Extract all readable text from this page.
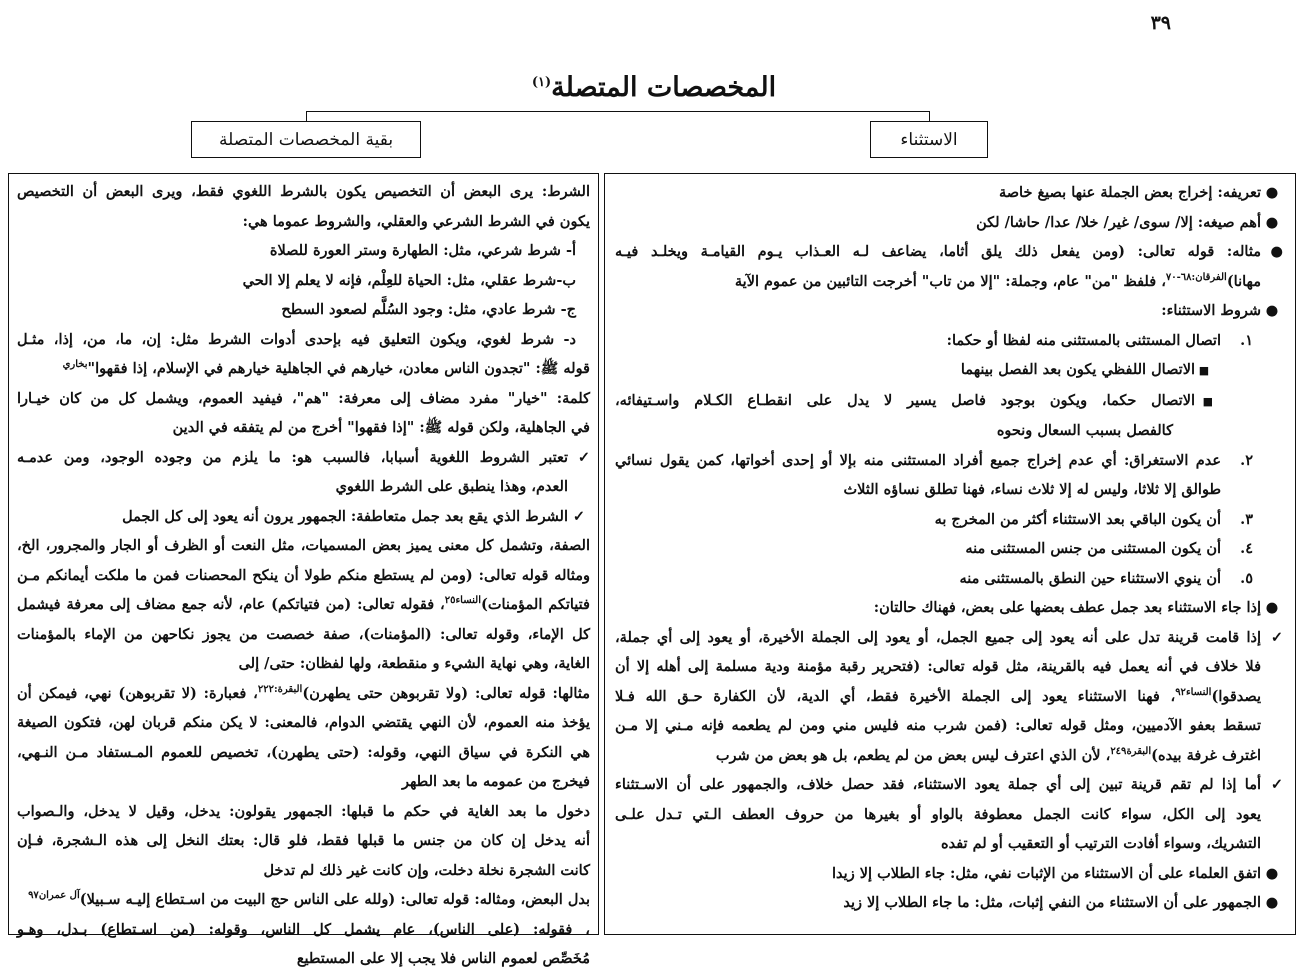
٣٩
المخصصات المتصلة$^{(١)}$
الاستثناء
بقية المخصصات المتصلة
●تعريفه: إخراج بعض الجملة عنها بصيغ خاصة
●أهم صيغه: إلا/ سوى/ غير/ خلا/ عدا/ حاشا/ لكن
●مثاله: قوله تعالى: (ومن يفعل ذلك يلق أثاما، يضاعف لـه العـذاب يـوم القيامـة ويخلـد فيـه
مهانا)$^{الفرقان:٦٨-٧٠}$، فلفظ "من" عام، وجملة: "إلا من تاب" أخرجت التائبين من عموم الآية
●شروط الاستثناء:
١.اتصال المستثنى بالمستثنى منه لفظا أو حكما:
■الاتصال اللفظي يكون بعد الفصل بينهما
■الاتصال حكما، ويكون بوجود فاصل يسير لا يدل على انقطـاع الكـلام واسـتيفائه،
كالفصل بسبب السعال ونحوه
٢.عدم الاستغراق: أي عدم إخراج جميع أفراد المستثنى منه بإلا أو إحدى أخواتها، كمن يقول نسائي
طوالق إلا ثلاثا، وليس له إلا ثلاث نساء، فهنا تطلق نساؤه الثلاث
٣.أن يكون الباقي بعد الاستثناء أكثر من المخرج به
٤.أن يكون المستثنى من جنس المستثنى منه
٥.أن ينوي الاستثناء حين النطق بالمستثنى منه
●إذا جاء الاستثناء بعد جمل عطف بعضها على بعض، فهناك حالتان:
✓إذا قامت قرينة تدل على أنه يعود إلى جميع الجمل، أو يعود إلى الجملة الأخيرة، أو يعود إلى أي جملة،
فلا خلاف في أنه يعمل فيه بالقرينة، مثل قوله تعالى: (فتحرير رقبة مؤمنة ودية مسلمة إلى أهله إلا أن
يصدقوا)$^{النساء٩٢}$، فهنا الاستثناء يعود إلى الجملة الأخيرة فقط، أي الدية، لأن الكفارة حـق الله فـلا
تسقط بعفو الآدميين، ومثل قوله تعالى: (فمن شرب منه فليس مني ومن لم يطعمه فإنه مـني إلا مـن
اغترف غرفة بيده)$^{البقرة٢٤٩}$، لأن الذي اعترف ليس بعض من لم يطعم، بل هو بعض من شرب
✓أما إذا لم تقم قرينة تبين إلى أي جملة يعود الاستثناء، فقد حصل خلاف، والجمهور على أن الاسـتثناء
يعود إلى الكل، سواء كانت الجمل معطوفة بالواو أو بغيرها من حروف العطف الـتي تـدل علـى
التشريك، وسواء أفادت الترتيب أو التعقيب أو لم تفده
●اتفق العلماء على أن الاستثناء من الإثبات نفي، مثل: جاء الطلاب إلا زيدا
●الجمهور على أن الاستثناء من النفي إثبات، مثل: ما جاء الطلاب إلا زيد
الشرط: يرى البعض أن التخصيص يكون بالشرط اللغوي فقط، ويرى البعض أن التخصيص
يكون في الشرط الشرعي والعقلي، والشروط عموما هي:
أ- شرط شرعي، مثل: الطهارة وستر العورة للصلاة
ب-شرط عقلي، مثل: الحياة للعِلْم، فإنه لا يعلم إلا الحي
ج- شرط عادي، مثل: وجود السُلَّم لصعود السطح
د- شرط لغوي، ويكون التعليق فيه بإحدى أدوات الشرط مثل: إن، ما، من، إذا، مثـل
قوله ﷺ: "تجدون الناس معادن، خيارهم في الجاهلية خيارهم في الإسلام، إذا فقهوا"$^{بخاري}$
كلمة: "خيار" مفرد مضاف إلى معرفة: "هم"، فيفيد العموم، ويشمل كل من كان خيـارا
في الجاهلية، ولكن قوله ﷺ: "إذا فقهوا" أخرج من لم يتفقه في الدين
✓تعتبر الشروط اللغوية أسبابا، فالسبب هو: ما يلزم من وجوده الوجود، ومن عدمـه
العدم، وهذا ينطبق على الشرط اللغوي
✓الشرط الذي يقع بعد جمل متعاطفة: الجمهور يرون أنه يعود إلى كل الجمل
الصفة، وتشمل كل معنى يميز بعض المسميات، مثل النعت أو الظرف أو الجار والمجرور، الخ،
ومثاله قوله تعالى: (ومن لم يستطع منكم طولا أن ينكح المحصنات فمن ما ملكت أيمانكم مـن
فتياتكم المؤمنات)$^{النساء٢٥}$، فقوله تعالى: (من فتياتكم) عام، لأنه جمع مضاف إلى معرفة فيشمل
كل الإماء، وقوله تعالى: (المؤمنات)، صفة خصصت من يجوز نكاحهن من الإماء بالمؤمنات
الغاية، وهي نهاية الشيء و منقطعة، ولها لفظان: حتى/ إلى
مثالها: قوله تعالى: (ولا تقربوهن حتى يطهرن)$^{البقرة:٢٢٢}$، فعبارة: (لا تقربوهن) نهي، فيمكن أن
يؤخذ منه العموم، لأن النهي يقتضي الدوام، فالمعنى: لا يكن منكم قربان لهن، فتكون الصيغة
هي النكرة في سياق النهي، وقوله: (حتى يطهرن)، تخصيص للعموم المـستفاد مـن النـهي،
فيخرج من عمومه ما بعد الطهر
دخول ما بعد الغاية في حكم ما قبلها: الجمهور يقولون: يدخل، وقيل لا يدخل، والـصواب
أنه يدخل إن كان من جنس ما قبلها فقط، فلو قال: بعتك النخل إلى هذه الـشجرة، فـإن
كانت الشجرة نخلة دخلت، وإن كانت غير ذلك لم تدخل
بدل البعض، ومثاله: قوله تعالى: (ولله على الناس حج البيت من اسـتطاع إليـه سـبيلا)$^{آل عمران٩٧}$
، فقوله: (على الناس)، عام يشمل كل الناس، وقوله: (من اسـتطاع) بـدل، وهـو
مُخَصِّص لعموم الناس فلا يجب إلا على المستطيع
